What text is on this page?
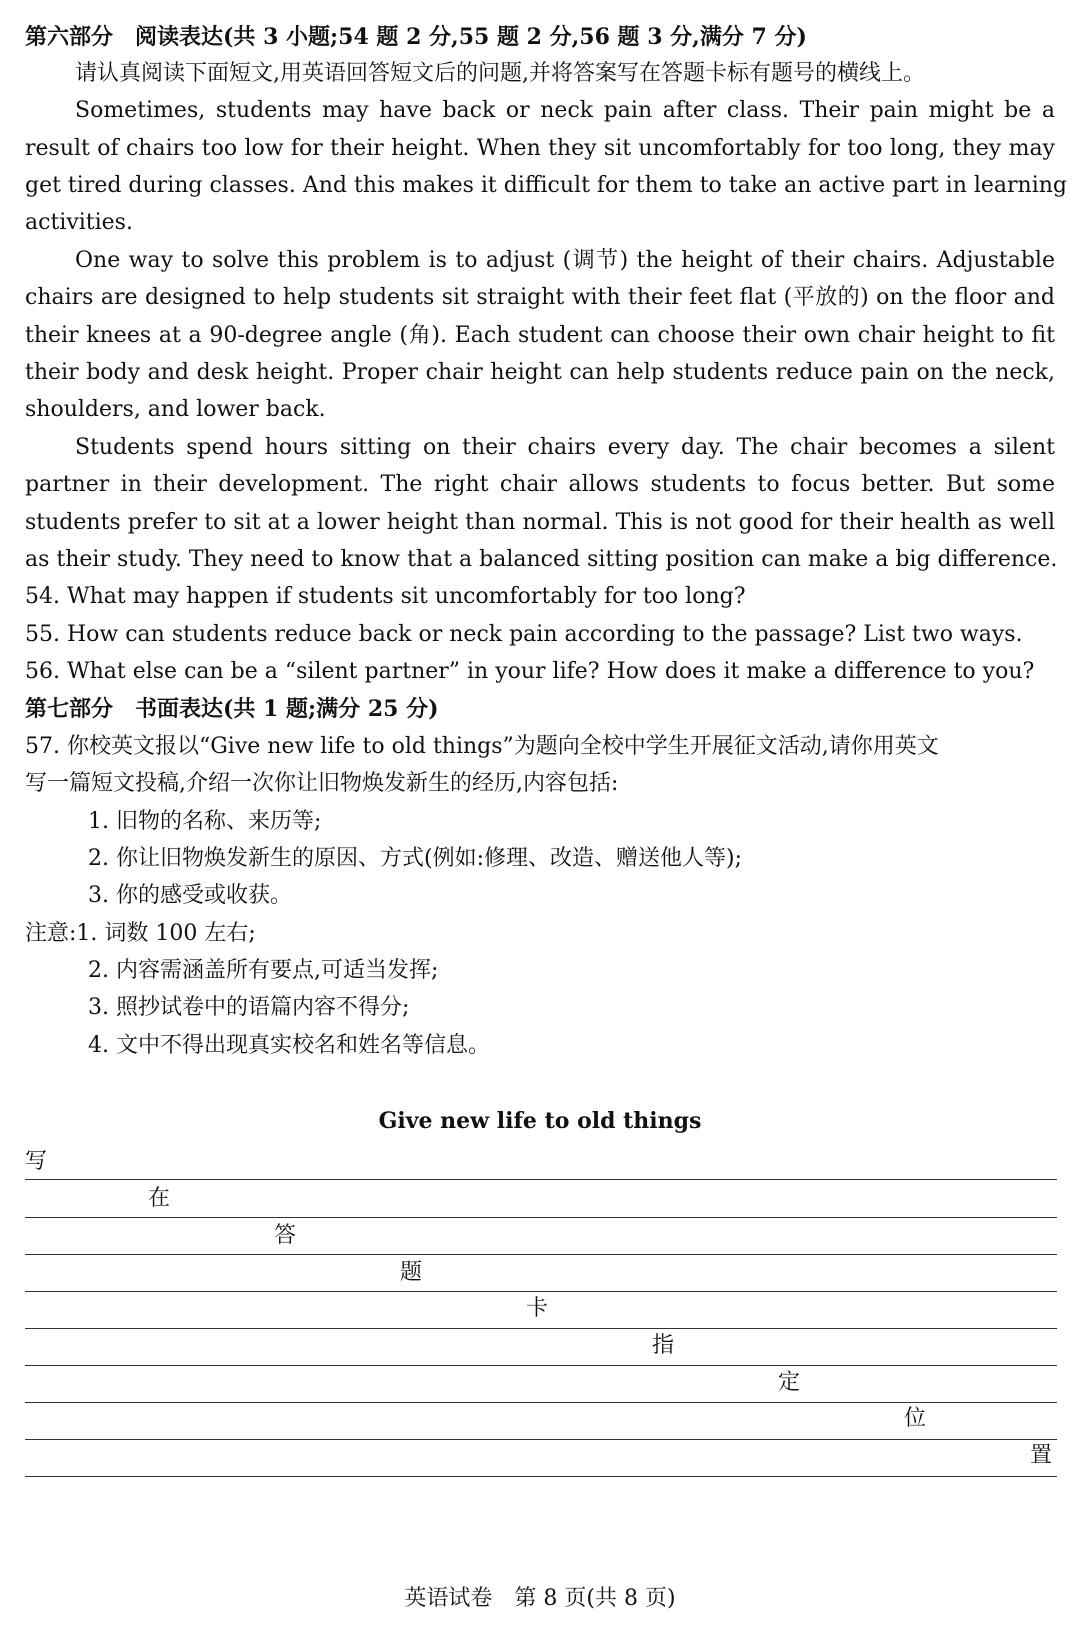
第六部分　阅读表达(共 3 小题;54 题 2 分,55 题 2 分,56 题 3 分,满分 7 分)
请认真阅读下面短文,用英语回答短文后的问题,并将答案写在答题卡标有题号的横线上。
Sometimes, students may have back or neck pain after class. Their pain might be a
result of chairs too low for their height. When they sit uncomfortably for too long, they may
get tired during classes. And this makes it difficult for them to take an active part in learning
activities.
One way to solve this problem is to adjust (调节) the height of their chairs. Adjustable
chairs are designed to help students sit straight with their feet flat (平放的) on the floor and
their knees at a 90-degree angle (角). Each student can choose their own chair height to fit
their body and desk height. Proper chair height can help students reduce pain on the neck,
shoulders, and lower back.
Students spend hours sitting on their chairs every day. The chair becomes a silent
partner in their development. The right chair allows students to focus better. But some
students prefer to sit at a lower height than normal. This is not good for their health as well
as their study. They need to know that a balanced sitting position can make a big difference.
54. What may happen if students sit uncomfortably for too long?
55. How can students reduce back or neck pain according to the passage? List two ways.
56. What else can be a “silent partner” in your life? How does it make a difference to you?
第七部分　书面表达(共 1 题;满分 25 分)
57. 你校英文报以“Give new life to old things”为题向全校中学生开展征文活动,请你用英文
写一篇短文投稿,介绍一次你让旧物焕发新生的经历,内容包括:
1. 旧物的名称、来历等;
2. 你让旧物焕发新生的原因、方式(例如:修理、改造、赠送他人等);
3. 你的感受或收获。
注意:1. 词数 100 左右;
2. 内容需涵盖所有要点,可适当发挥;
3. 照抄试卷中的语篇内容不得分;
4. 文中不得出现真实校名和姓名等信息。
Give new life to old things
写
在
答
题
卡
指
定
位
置
英语试卷　第 8 页(共 8 页)
